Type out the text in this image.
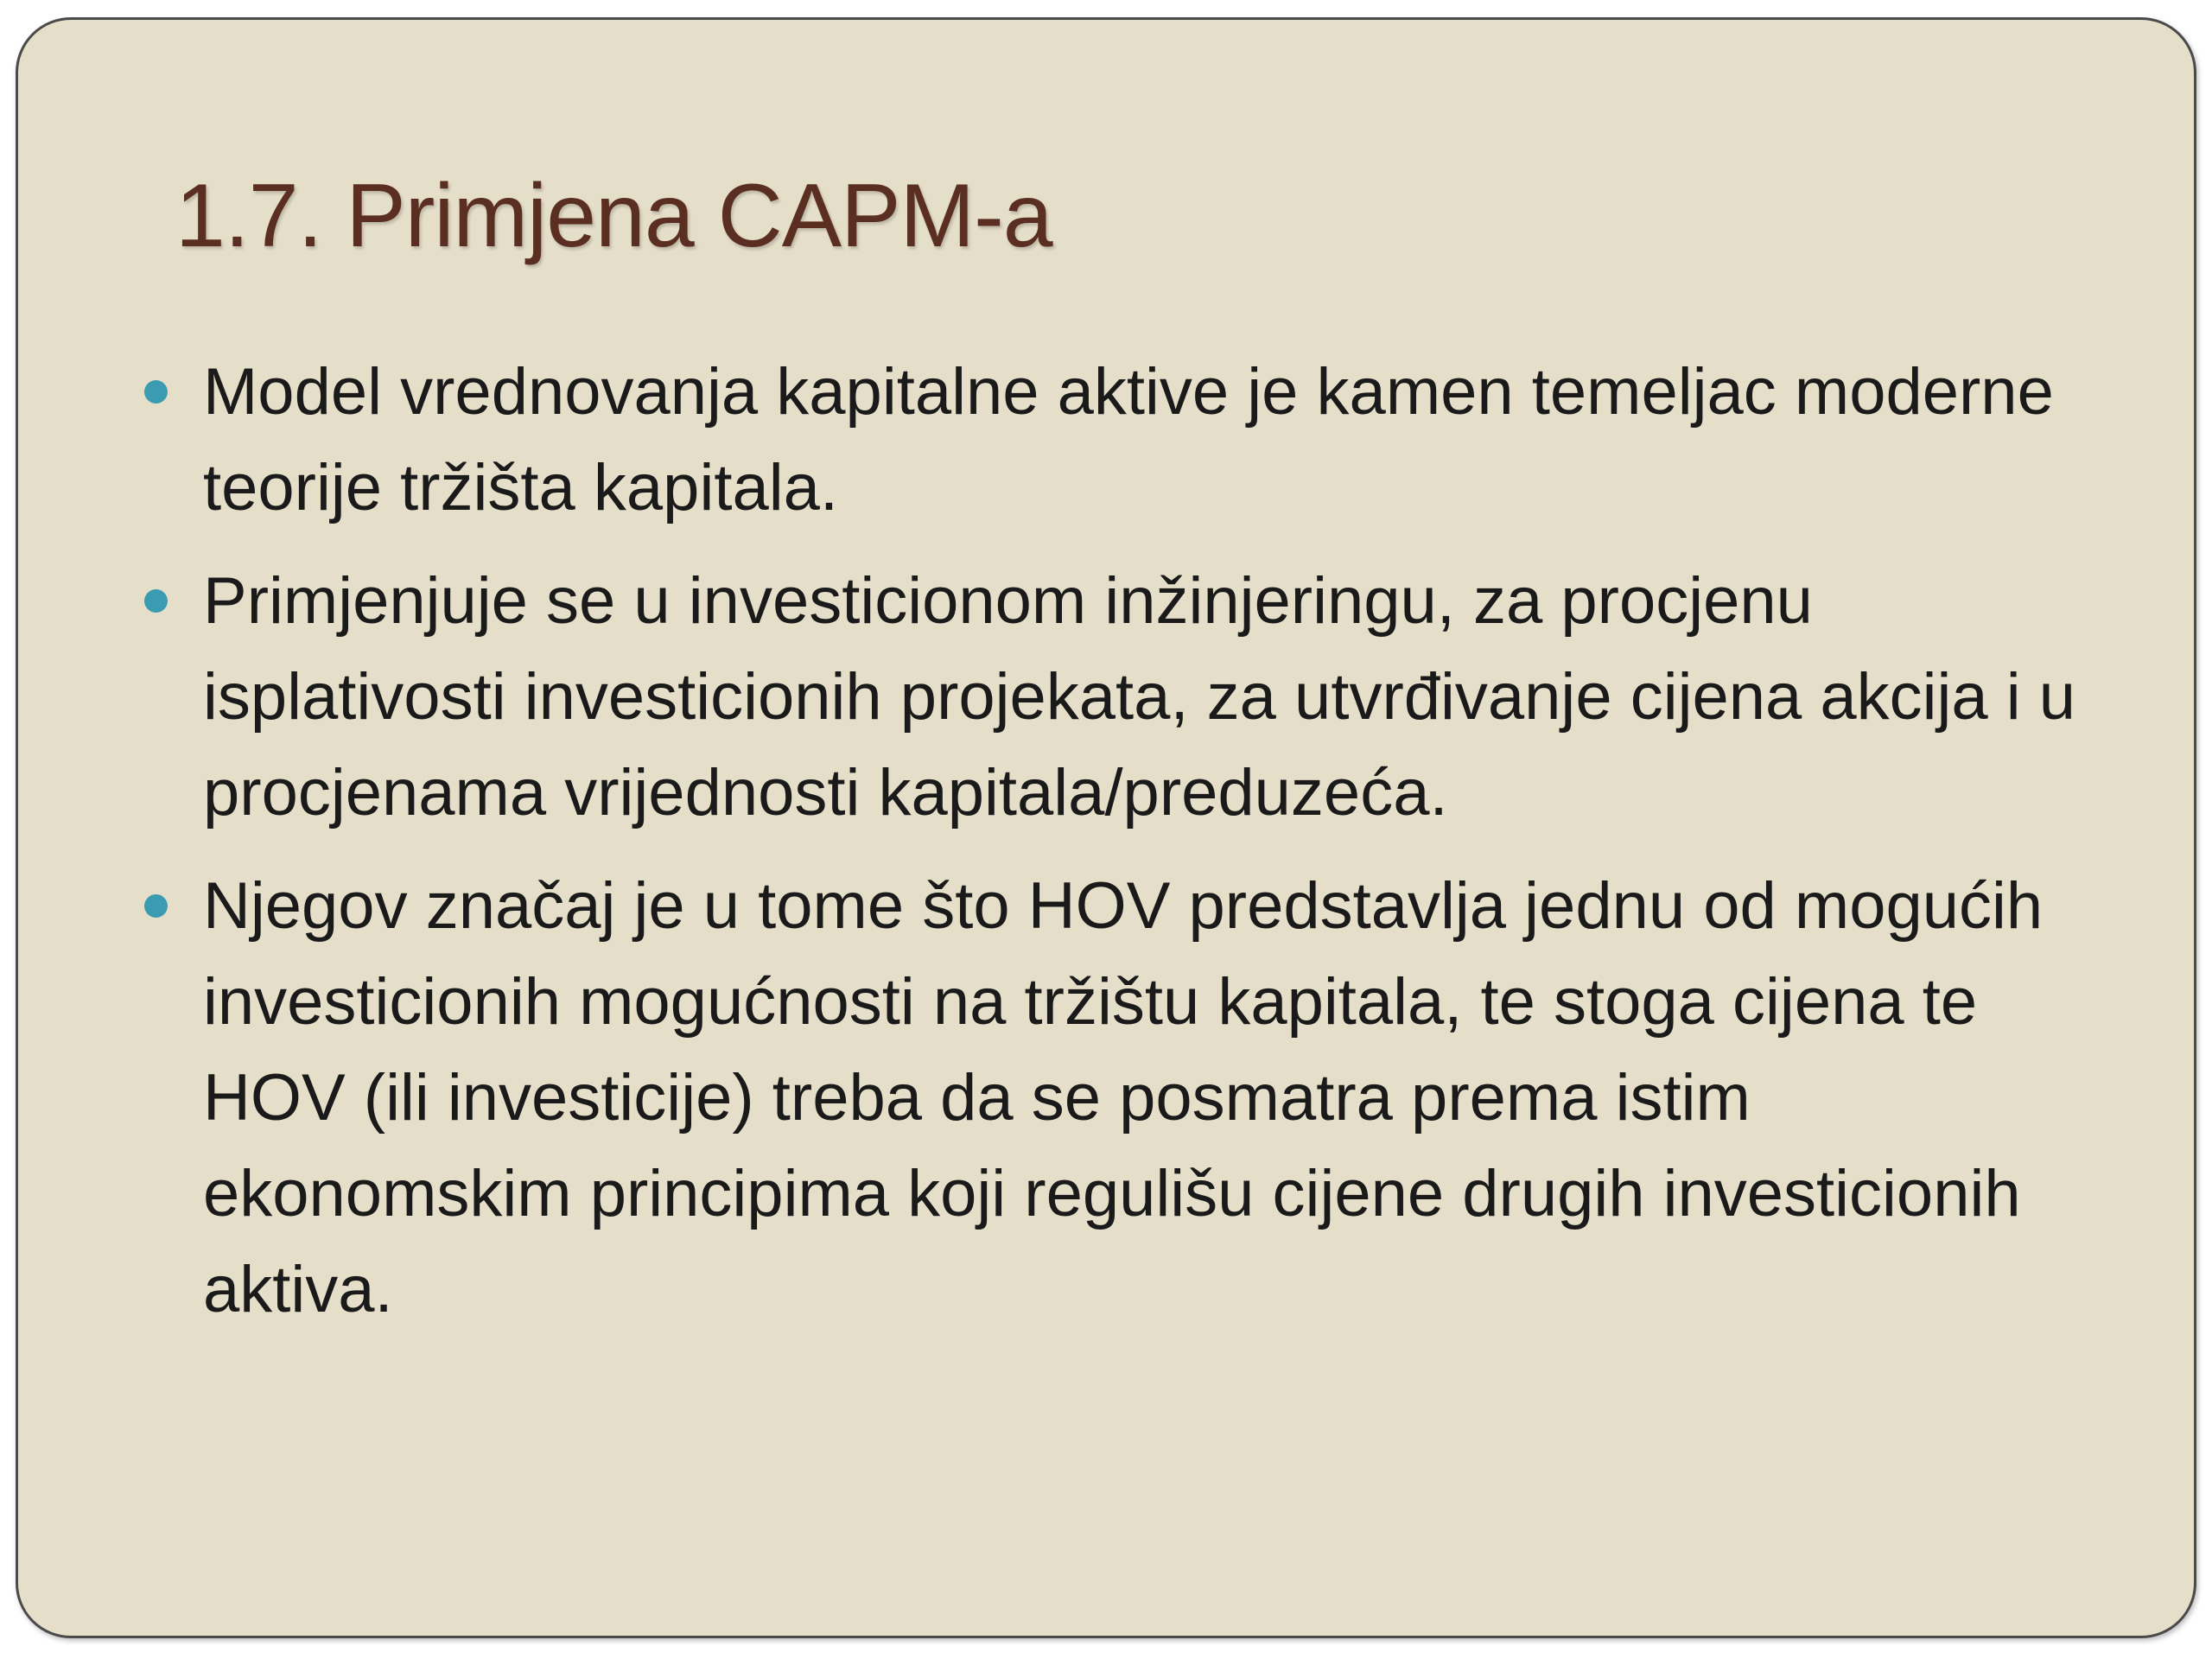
1.7. Primjena CAPM-a
Model vrednovanja kapitalne aktive je kamen temeljac moderne teorije tržišta kapitala.
Primjenjuje se u investicionom inžinjeringu, za procjenu isplativosti investicionih projekata, za utvrđivanje cijena akcija i u procjenama vrijednosti kapitala/preduzeća.
Njegov značaj je u tome što HOV predstavlja jednu od mogućih investicionih mogućnosti na tržištu kapitala, te stoga cijena te HOV (ili investicije) treba da se posmatra prema istim ekonomskim principima koji regulišu cijene drugih investicionih aktiva.
